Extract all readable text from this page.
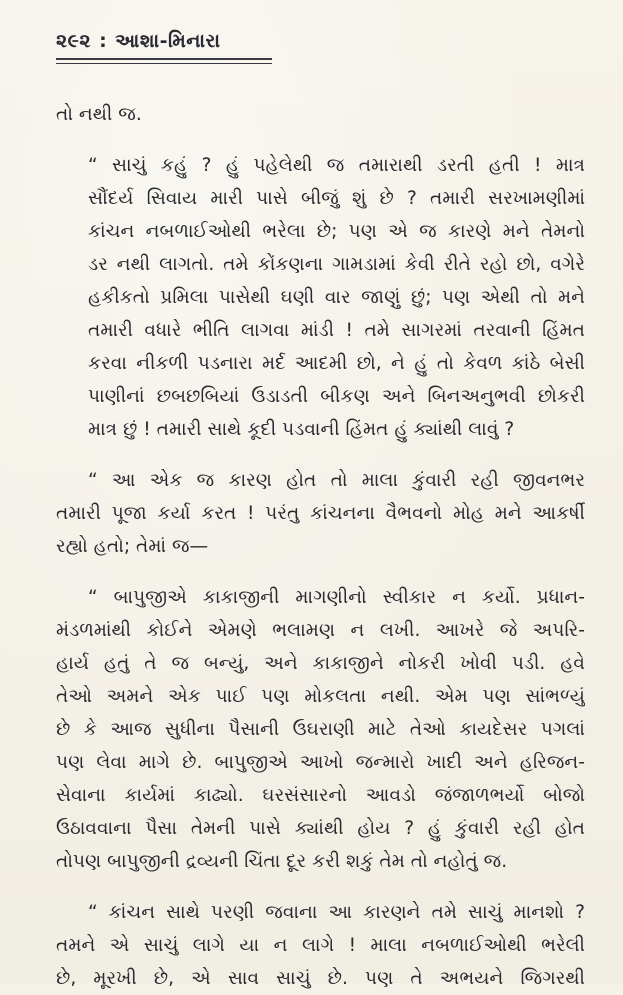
૨૯૨ : આશા-મિનારા

તો નથી જ.

“ સાચું કહું ? હું પહેલેથી જ તમારાથી ડરતી હતી ! માત્ર
સૌંદર્ય સિવાય મારી પાસે બીજું શું છે ? તમારી સરખામણીમાં
કાંચન નબળાઈઓથી ભરેલા છે; પણ એ જ કારણે મને તેમનો
ડર નથી લાગતો. તમે કોંકણના ગામડામાં કેવી રીતે રહો છો, વગેરે
હકીકતો પ્રમિલા પાસેથી ઘણી વાર જાણું છું; પણ એથી તો મને
તમારી વધારે ભીતિ લાગવા માંડી ! તમે સાગરમાં તરવાની હિંમત
કરવા નીકળી પડનારા મર્દ આદમી છો, ને હું તો કેવળ કાંઠે બેસી
પાણીનાં છબછબિયાં ઉડાડતી બીકણ અને બિનઅનુભવી છોકરી
માત્ર છું ! તમારી સાથે કૂદી પડવાની હિંમત હું ક્યાંથી લાવું ?

“ આ એક જ કારણ હોત તો માલા કુંવારી રહી જીવનભર
તમારી પૂજા કર્યા કરત ! પરંતુ કાંચનના વૈભવનો મોહ મને આકર્ષી
રહ્યો હતો; તેમાં જ—

“ બાપુજીએ કાકાજીની માગણીનો સ્વીકાર ન કર્યો. પ્રધાન-
મંડળમાંથી કોઈને એમણે ભલામણ ન લખી. આખરે જે અપરિ-
હાર્ય હતું તે જ બન્યું, અને કાકાજીને નોકરી ખોવી પડી. હવે
તેઓ અમને એક પાઈ પણ મોકલતા નથી. એમ પણ સાંભળ્યું
છે કે આજ સુધીના પૈસાની ઉઘરાણી માટે તેઓ કાયદેસર પગલાં
પણ લેવા માગે છે. બાપુજીએ આખો જન્મારો ખાદી અને હરિજન-
સેવાના કાર્યમાં કાઢ્યો. ઘરસંસારનો આવડો જંજાળભર્યો બોજો
ઉઠાવવાના પૈસા તેમની પાસે ક્યાંથી હોય ? હું કુંવારી રહી હોત
તોપણ બાપુજીની દ્રવ્યની ચિંતા દૂર કરી શકું તેમ તો નહોતું જ.

“ કાંચન સાથે પરણી જવાના આ કારણને તમે સાચું માનશો ?
તમને એ સાચું લાગે યા ન લાગે ! માલા નબળાઈઓથી ભરેલી
છે, મૂરખી છે, એ સાવ સાચું છે. પણ તે અભયને જિગરથી
